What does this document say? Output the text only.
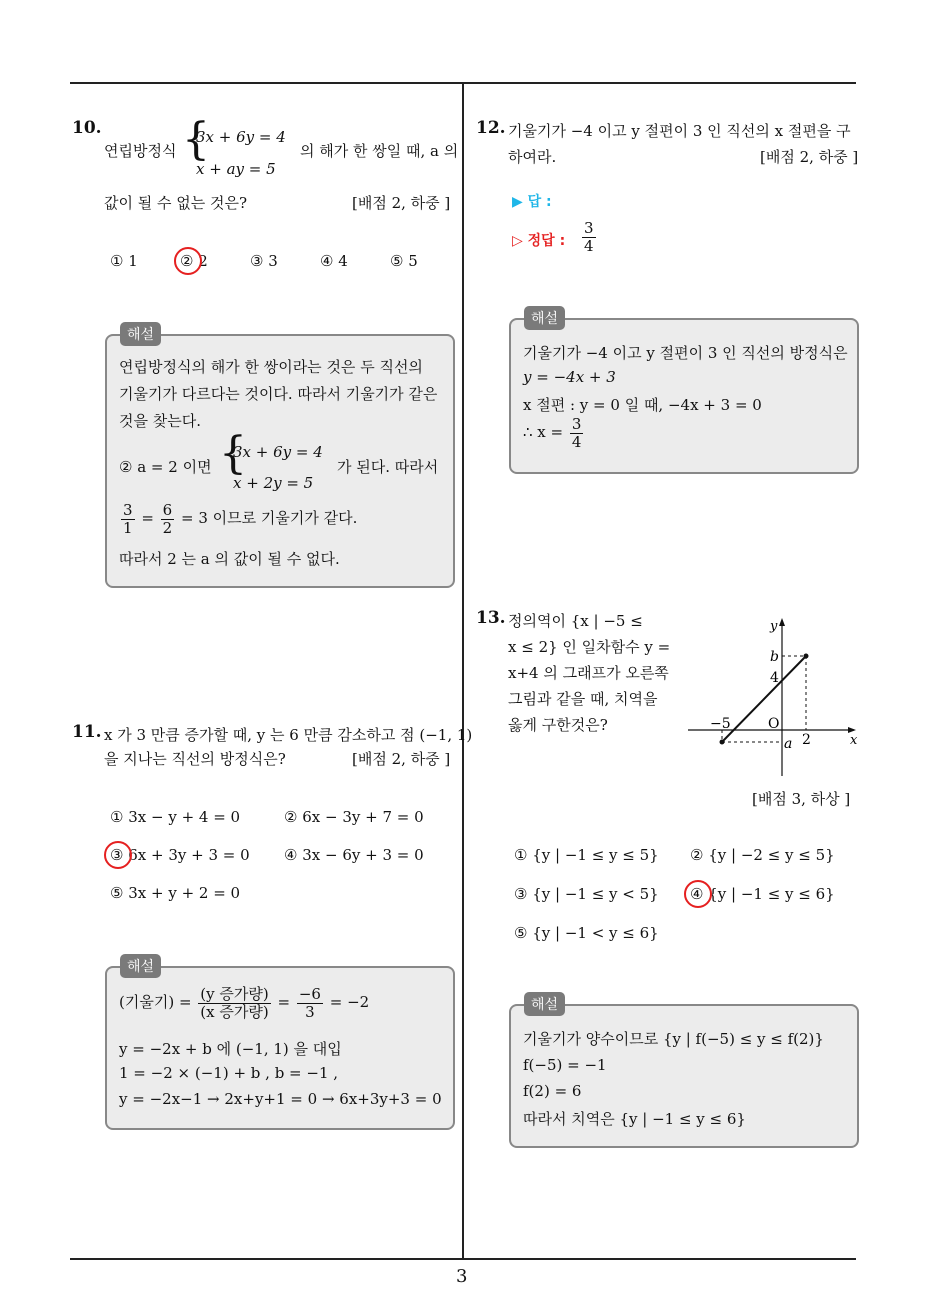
3
10.
연립방정식 {
3x + 6y = 4
x + ay = 5
의 해가 한 쌍일 때, a 의
값이 될 수 없는 것은?	[배점 2, 하중 ]
① 1	② 2	③ 3	④ 4	⑤ 5
연립방정식의 해가 한 쌍이라는 것은 두 직선의
기울기가 다르다는 것이다. 따라서 기울기가 같은
것을 찾는다.
② a = 2 이면 {
3x + 6y = 4
x + 2y = 5
가 된다. 따라서
$\frac{3}{1} = \frac{6}{2} = 3$ 이므로 기울기가 같다.
따라서 2 는 a 의 값이 될 수 없다.
해설
11. x 가 3 만큼 증가할 때, y 는 6 만큼 감소하고 점 (−1, 1)
을 지나는 직선의 방정식은?	[배점 2, 하중 ]
① 3x − y + 4 = 0	② 6x − 3y + 7 = 0
③ 6x + 3y + 3 = 0 ④ 3x − 6y + 3 = 0
⑤ 3x + y + 2 = 0
(기울기) = $\frac{\text{(y 증가량)}}{\text{(x 증가량)}} = \frac{-6}{3} = -2$
y = −2x + b 에 (−1, 1) 을 대입
1 = −2 × (−1) + b , b = −1 ,
y = −2x−1 → 2x+y+1 = 0 → 6x+3y+3 = 0
해설
12. 기울기가 −4 이고 y 절편이 3 인 직선의 x 절편을 구
하여라.	[배점 2, 하중 ]
▶ 답 :
▷ 정답 : $\frac{3}{4}$
기울기가 −4 이고 y 절편이 3 인 직선의 방정식은
y = −4x + 3
x 절편 : y = 0 일 때, −4x + 3 = 0
∴ $x = \frac{3}{4}$
해설
13. 정의역이 {x | −5 ≤
x ≤ 2} 인 일차함수 y =
x+4 의 그래프가 오른쪽
그림과 같을 때, 치역을
옳게 구한것은?
y
x
b
4
−5	O
a 2
[배점 3, 하상 ]
① {y | −1 ≤ y ≤ 5} ② {y | −2 ≤ y ≤ 5}
③ {y | −1 ≤ y < 5} ④ {y | −1 ≤ y ≤ 6}
⑤ {y | −1 < y ≤ 6}
기울기가 양수이므로 {y | f(−5) ≤ y ≤ f(2)}
f(−5) = −1
f(2) = 6
따라서 치역은 {y | −1 ≤ y ≤ 6}
해설
